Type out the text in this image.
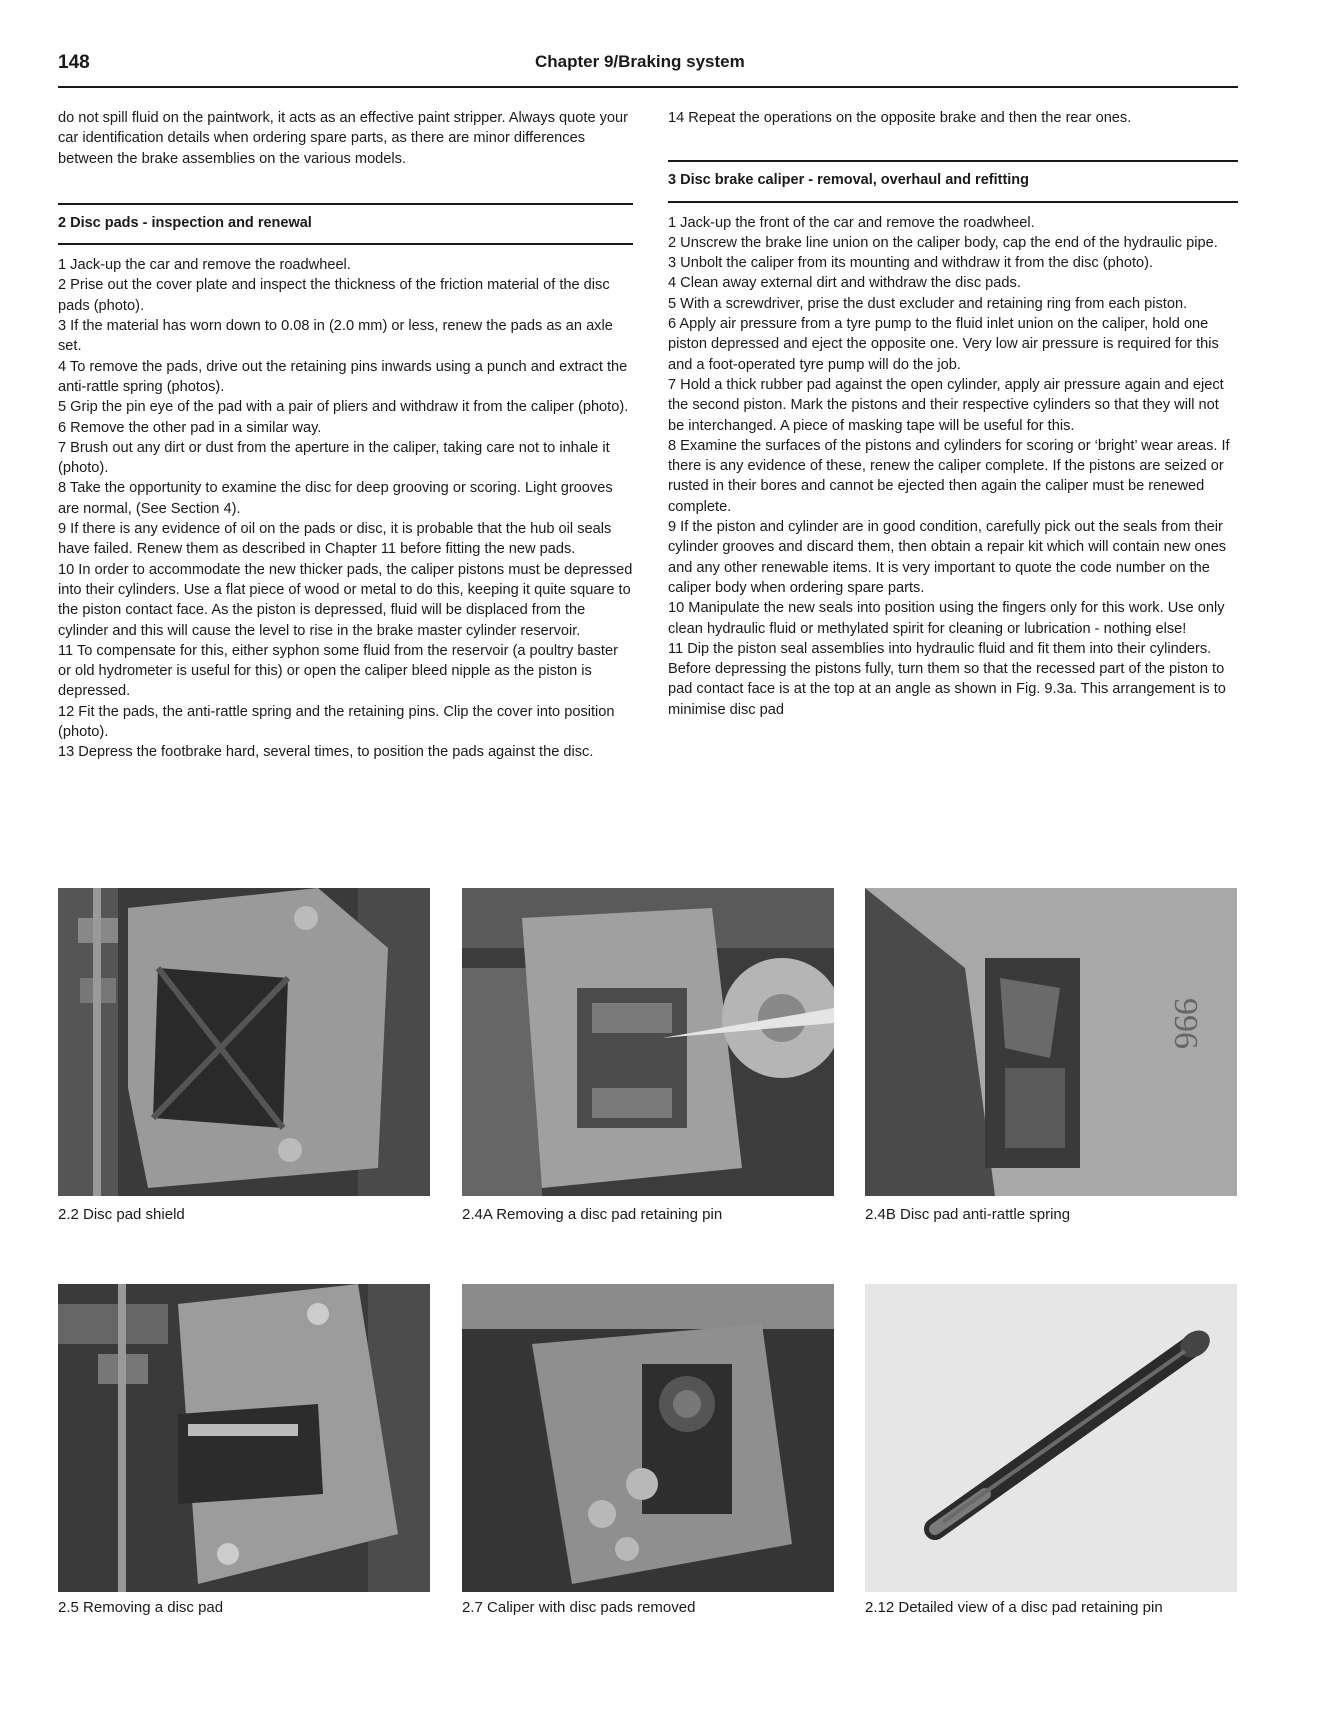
148	Chapter 9/Braking system

do not spill fluid on the paintwork, it acts as an effective paint stripper. Always quote your car identification details when ordering spare parts, as there are minor differences between the brake assemblies on the various models.

2 Disc pads - inspection and renewal

1 Jack-up the car and remove the roadwheel.

2 Prise out the cover plate and inspect the thickness of the friction material of the disc pads (photo).

3 If the material has worn down to 0.08 in (2.0 mm) or less, renew the pads as an axle set.

4 To remove the pads, drive out the retaining pins inwards using a punch and extract the anti-rattle spring (photos).

5 Grip the pin eye of the pad with a pair of pliers and withdraw it from the caliper (photo).

6 Remove the other pad in a similar way.

7 Brush out any dirt or dust from the aperture in the caliper, taking care not to inhale it (photo).

8 Take the opportunity to examine the disc for deep grooving or scoring. Light grooves are normal, (See Section 4).

9 If there is any evidence of oil on the pads or disc, it is probable that the hub oil seals have failed. Renew them as described in Chapter 11 before fitting the new pads.

10 In order to accommodate the new thicker pads, the caliper pistons must be depressed into their cylinders. Use a flat piece of wood or metal to do this, keeping it quite square to the piston contact face. As the piston is depressed, fluid will be displaced from the cylinder and this will cause the level to rise in the brake master cylinder reservoir.

11 To compensate for this, either syphon some fluid from the reservoir (a poultry baster or old hydrometer is useful for this) or open the caliper bleed nipple as the piston is depressed.

12 Fit the pads, the anti-rattle spring and the retaining pins. Clip the cover into position (photo).

13 Depress the footbrake hard, several times, to position the pads against the disc.

14 Repeat the operations on the opposite brake and then the rear ones.

3 Disc brake caliper - removal, overhaul and refitting

1 Jack-up the front of the car and remove the roadwheel.

2 Unscrew the brake line union on the caliper body, cap the end of the hydraulic pipe.

3 Unbolt the caliper from its mounting and withdraw it from the disc (photo).

4 Clean away external dirt and withdraw the disc pads.

5 With a screwdriver, prise the dust excluder and retaining ring from each piston.

6 Apply air pressure from a tyre pump to the fluid inlet union on the caliper, hold one piston depressed and eject the opposite one. Very low air pressure is required for this and a foot-operated tyre pump will do the job.

7 Hold a thick rubber pad against the open cylinder, apply air pressure again and eject the second piston. Mark the pistons and their respective cylinders so that they will not be interchanged. A piece of masking tape will be useful for this.

8 Examine the surfaces of the pistons and cylinders for scoring or ‘bright’ wear areas. If there is any evidence of these, renew the caliper complete. If the pistons are seized or rusted in their bores and cannot be ejected then again the caliper must be renewed complete.

9 If the piston and cylinder are in good condition, carefully pick out the seals from their cylinder grooves and discard them, then obtain a repair kit which will contain new ones and any other renewable items. It is very important to quote the code number on the caliper body when ordering spare parts.

10 Manipulate the new seals into position using the fingers only for this work. Use only clean hydraulic fluid or methylated spirit for cleaning or lubrication - nothing else!

11 Dip the piston seal assemblies into hydraulic fluid and fit them into their cylinders. Before depressing the pistons fully, turn them so that the recessed part of the piston to pad contact face is at the top at an angle as shown in Fig. 9.3a. This arrangement is to minimise disc pad

2.2 Disc pad shield	2.4A Removing a disc pad retaining pin
996
2.4B Disc pad anti-rattle spring
2.5 Removing a disc pad	2.7 Caliper with disc pads removed	2.12 Detailed view of a disc pad retaining pin
